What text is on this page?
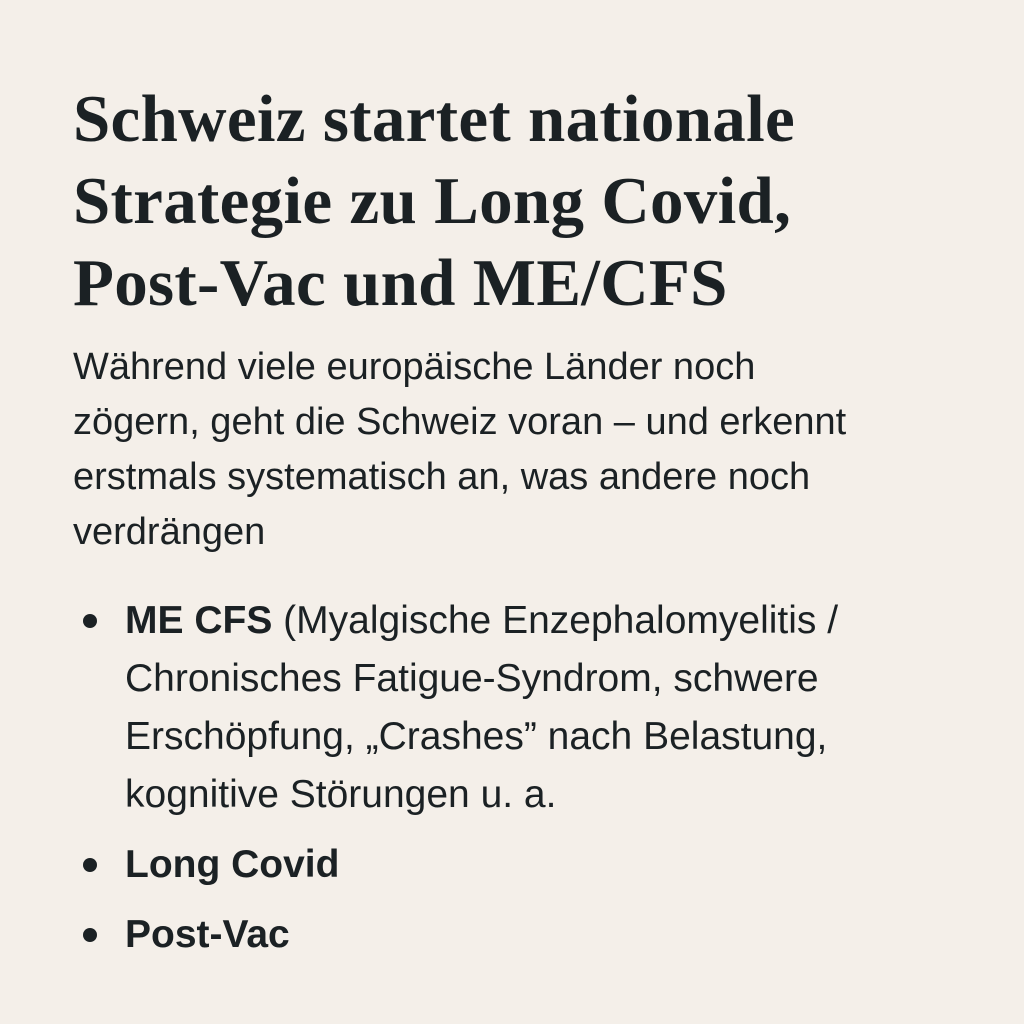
Schweiz startet nationale
Strategie zu Long Covid,
Post-Vac und ME/CFS

Während viele europäische Länder noch
zögern, geht die Schweiz voran – und erkennt
erstmals systematisch an, was andere noch
verdrängen

ME CFS (Myalgische Enzephalomyelitis /
Chronisches Fatigue-Syndrom, schwere
Erschöpfung, „Crashes” nach Belastung,
kognitive Störungen u. a.
Long Covid
Post-Vac
